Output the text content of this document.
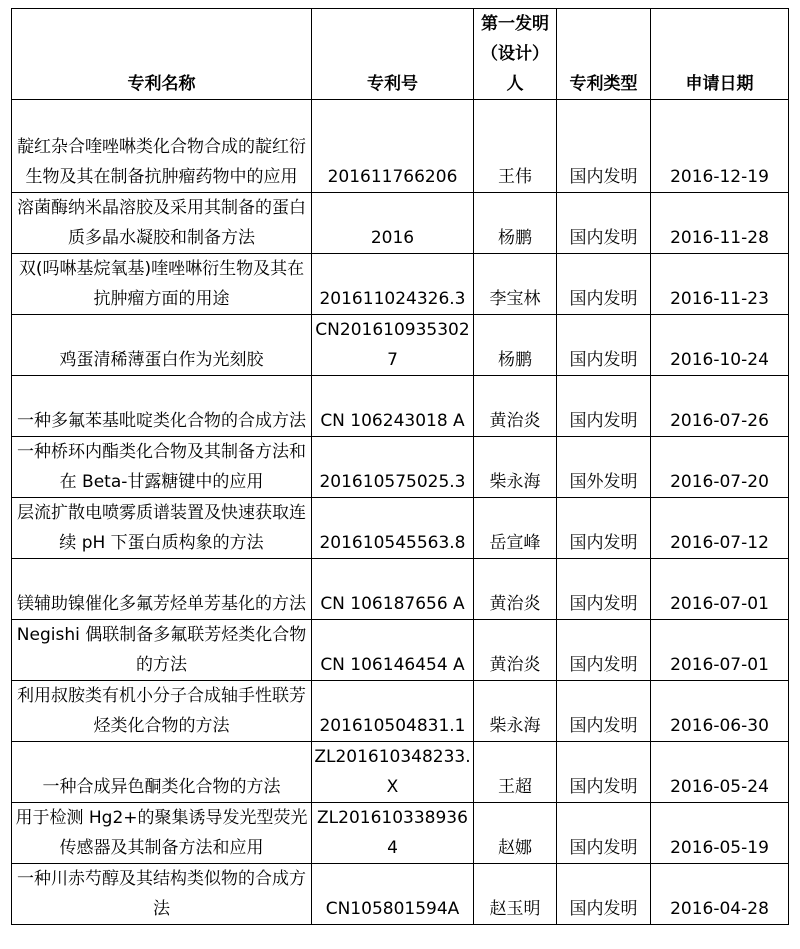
专利名称	专利号	第一发明（设计）人	专利类型	申请日期
靛红杂合喹唑啉类化合物合成的靛红衍生物及其在制备抗肿瘤药物中的应用	201611766206	王伟	国内发明	2016-12-19
溶菌酶纳米晶溶胶及采用其制备的蛋白质多晶水凝胶和制备方法	2016	杨鹏	国内发明	2016-11-28
双(吗啉基烷氧基)喹唑啉衍生物及其在抗肿瘤方面的用途	201611024326.3	李宝林	国内发明	2016-11-23
鸡蛋清稀薄蛋白作为光刻胶	CN2016109353027	杨鹏	国内发明	2016-10-24
一种多氟苯基吡啶类化合物的合成方法	CN 106243018 A	黄治炎	国内发明	2016-07-26
一种桥环内酯类化合物及其制备方法和在 Beta-甘露糖键中的应用	201610575025.3	柴永海	国外发明	2016-07-20
层流扩散电喷雾质谱装置及快速获取连续 pH 下蛋白质构象的方法	201610545563.8	岳宣峰	国内发明	2016-07-12
镁辅助镍催化多氟芳烃单芳基化的方法	CN 106187656 A	黄治炎	国内发明	2016-07-01
Negishi 偶联制备多氟联芳烃类化合物的方法	CN 106146454 A	黄治炎	国内发明	2016-07-01
利用叔胺类有机小分子合成轴手性联芳烃类化合物的方法	201610504831.1	柴永海	国内发明	2016-06-30
一种合成异色酮类化合物的方法	ZL201610348233.X	王超	国内发明	2016-05-24
用于检测 Hg2+的聚集诱导发光型荧光传感器及其制备方法和应用	ZL2016103389364	赵娜	国内发明	2016-05-19
一种川赤芍醇及其结构类似物的合成方法	CN105801594A	赵玉明	国内发明	2016-04-28
